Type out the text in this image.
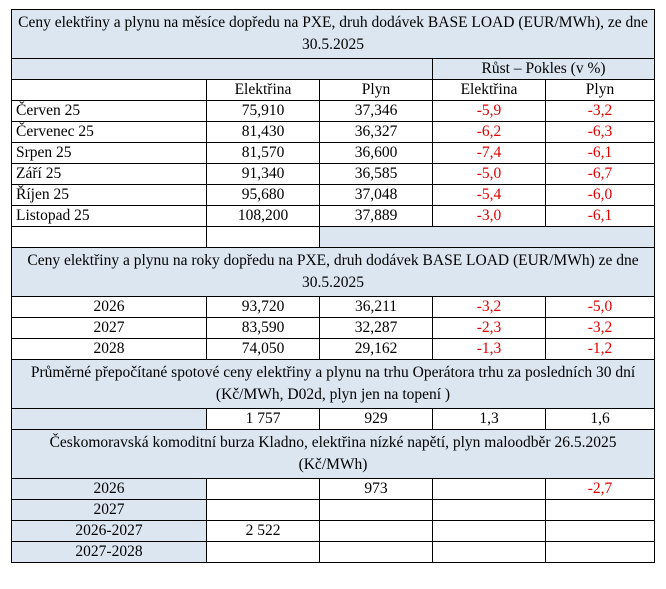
Ceny elektřiny a plynu na měsíce dopředu na PXE, druh dodávek BASE LOAD (EUR/MWh), ze dne 30.5.2025				
			Růst – Pokles (v %)	
	Elektřina	Plyn	Elektřina	Plyn
Červen 25	75,910	37,346	-5,9	-3,2
Červenec 25	81,430	36,327	-6,2	-6,3
Srpen 25	81,570	36,600	-7,4	-6,1
Září 25	91,340	36,585	-5,0	-6,7
Říjen 25	95,680	37,048	-5,4	-6,0
Listopad 25	108,200	37,889	-3,0	-6,1

Ceny elektřiny a plynu na roky dopředu na PXE, druh dodávek BASE LOAD (EUR/MWh) ze dne 30.5.2025				
2026	93,720	36,211	-3,2	-5,0
2027	83,590	32,287	-2,3	-3,2
2028	74,050	29,162	-1,3	-1,2
Průměrné přepočítané spotové ceny elektřiny a plynu na trhu Operátora trhu za posledních 30 dní (Kč/MWh, D02d, plyn jen na topení )				
	1 757	929	1,3	1,6
Českomoravská komoditní burza Kladno, elektřina nízké napětí, plyn maloodběr 26.5.2025 (Kč/MWh)				
2026		973		-2,7
2027				
2026-2027	2 522			
2027-2028				
